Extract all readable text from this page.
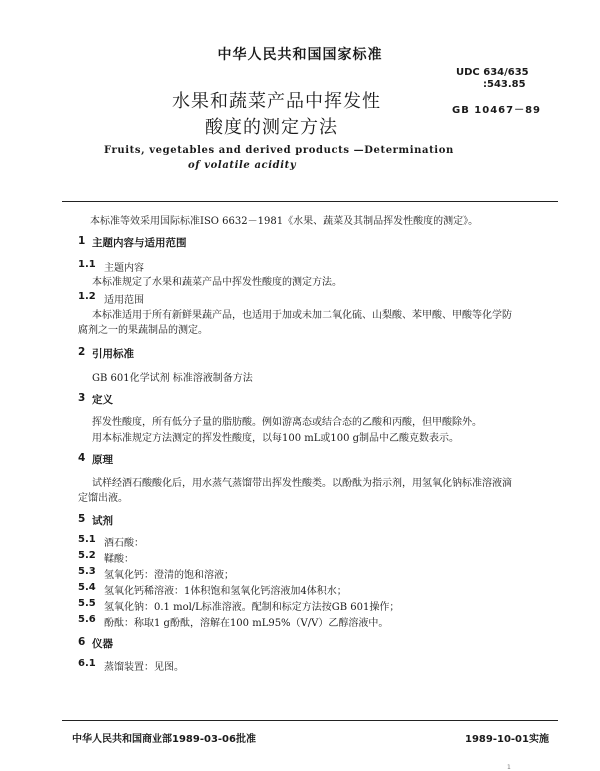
中华人民共和国国家标准
UDC 634/635
:543.85
GB 10467－89
水果和蔬菜产品中挥发性
酸度的测定方法
Fruits, vegetables and derived products —Determination
of volatile acidity
本标准等效采用国际标准ISO 6632－1981《水果、蔬菜及其制品挥发性酸度的测定》。
1 主题内容与适用范围
1.1 主题内容
本标准规定了水果和蔬菜产品中挥发性酸度的测定方法。
1.2 适用范围
本标准适用于所有新鲜果蔬产品，也适用于加或未加二氧化硫、山梨酸、苯甲酸、甲酸等化学防
腐剂之一的果蔬制品的测定。
2 引用标准
GB 601化学试剂 标准溶液制备方法
3 定义
挥发性酸度，所有低分子量的脂肪酸。例如游离态或结合态的乙酸和丙酸，但甲酸除外。
用本标准规定方法测定的挥发性酸度，以每100 mL或100 g制品中乙酸克数表示。
4 原理
试样经酒石酸酸化后，用水蒸气蒸馏带出挥发性酸类。以酚酞为指示剂，用氢氧化钠标准溶液滴
定馏出液。
5 试剂
5.1 酒石酸：
5.2 鞣酸：
5.3 氢氧化钙：澄清的饱和溶液；
5.4 氢氧化钙稀溶液：1体积饱和氢氧化钙溶液加4体积水；
5.5 氢氧化钠：0.1 mol/L标准溶液。配制和标定方法按GB 601操作；
5.6 酚酞：称取1 g酚酞，溶解在100 mL95%（V/V）乙醇溶液中。
6 仪器
6.1 蒸馏装置：见图。
中华人民共和国商业部1989-03-06批准	1989-10-01实施
1
